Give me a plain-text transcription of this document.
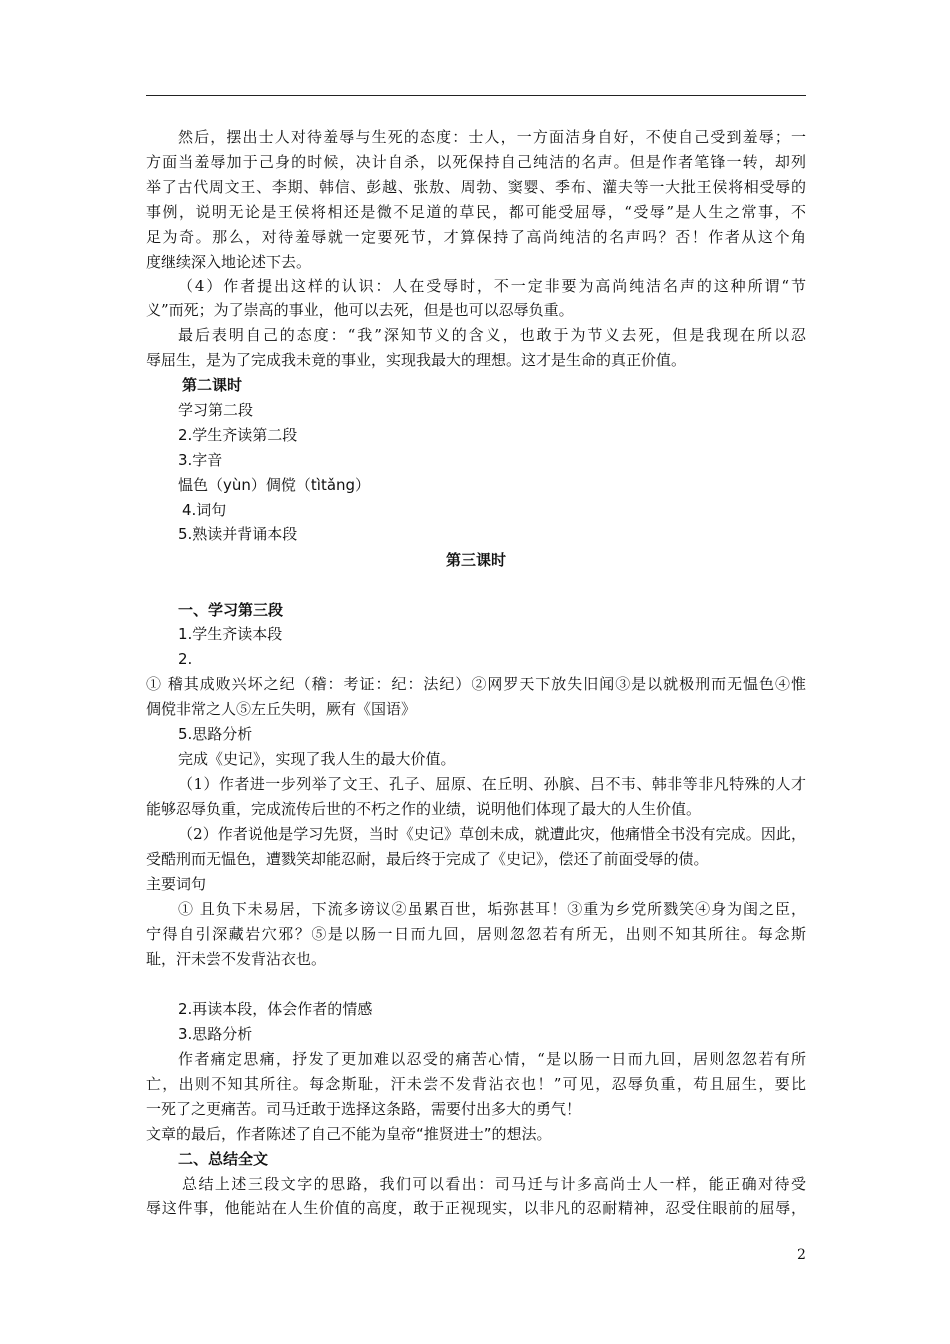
然后，摆出士人对待羞辱与生死的态度：士人，一方面洁身自好，不使自己受到羞辱；一
方面当羞辱加于己身的时候，决计自杀，以死保持自己纯洁的名声。但是作者笔锋一转，却列
举了古代周文王、李期、韩信、彭越、张敖、周勃、窦婴、季布、灌夫等一大批王侯将相受辱的
事例，说明无论是王侯将相还是微不足道的草民，都可能受屈辱，“受辱”是人生之常事，不
足为奇。那么，对待羞辱就一定要死节，才算保持了高尚纯洁的名声吗？否！作者从这个角
度继续深入地论述下去。
（4）作者提出这样的认识：人在受辱时，不一定非要为高尚纯洁名声的这种所谓“节
义”而死；为了崇高的事业，他可以去死，但是也可以忍辱负重。
最后表明自己的态度：“我”深知节义的含义，也敢于为节义去死，但是我现在所以忍
辱屈生，是为了完成我未竟的事业，实现我最大的理想。这才是生命的真正价值。
第二课时
学习第二段
2.学生齐读第二段
3.字音
愠色（yùn）倜傥（tìtǎng）
4.词句
5.熟读并背诵本段
第三课时
一、学习第三段
1.学生齐读本段
2.
① 稽其成败兴坏之纪（稽：考证：纪：法纪）②网罗天下放失旧闻③是以就极刑而无愠色④惟
倜傥非常之人⑤左丘失明，厥有《国语》
5.思路分析
完成《史记》，实现了我人生的最大价值。
（1）作者进一步列举了文王、孔子、屈原、在丘明、孙膑、吕不韦、韩非等非凡特殊的人才
能够忍辱负重，完成流传后世的不朽之作的业绩，说明他们体现了最大的人生价值。
（2）作者说他是学习先贤，当时《史记》草创未成，就遭此灾，他痛惜全书没有完成。因此，
受酷刑而无愠色，遭戮笑却能忍耐，最后终于完成了《史记》，偿还了前面受辱的债。
主要词句
① 且负下未易居，下流多谤议②虽累百世，垢弥甚耳！③重为乡党所戮笑④身为闺之臣，
宁得自引深藏岩穴邪？⑤是以肠一日而九回，居则忽忽若有所无，出则不知其所往。每念斯
耻，汗未尝不发背沾衣也。
2.再读本段，体会作者的情感
3.思路分析
作者痛定思痛，抒发了更加难以忍受的痛苦心情，“是以肠一日而九回，居则忽忽若有所
亡，出则不知其所往。每念斯耻，汗未尝不发背沾衣也！”可见，忍辱负重，苟且屈生，要比
一死了之更痛苦。司马迁敢于选择这条路，需要付出多大的勇气！
文章的最后，作者陈述了自己不能为皇帝“推贤进士”的想法。
二、总结全文
总结上述三段文字的思路，我们可以看出：司马迁与计多高尚士人一样，能正确对待受
辱这件事，他能站在人生价值的高度，敢于正视现实，以非凡的忍耐精神，忍受住眼前的屈辱，
2
